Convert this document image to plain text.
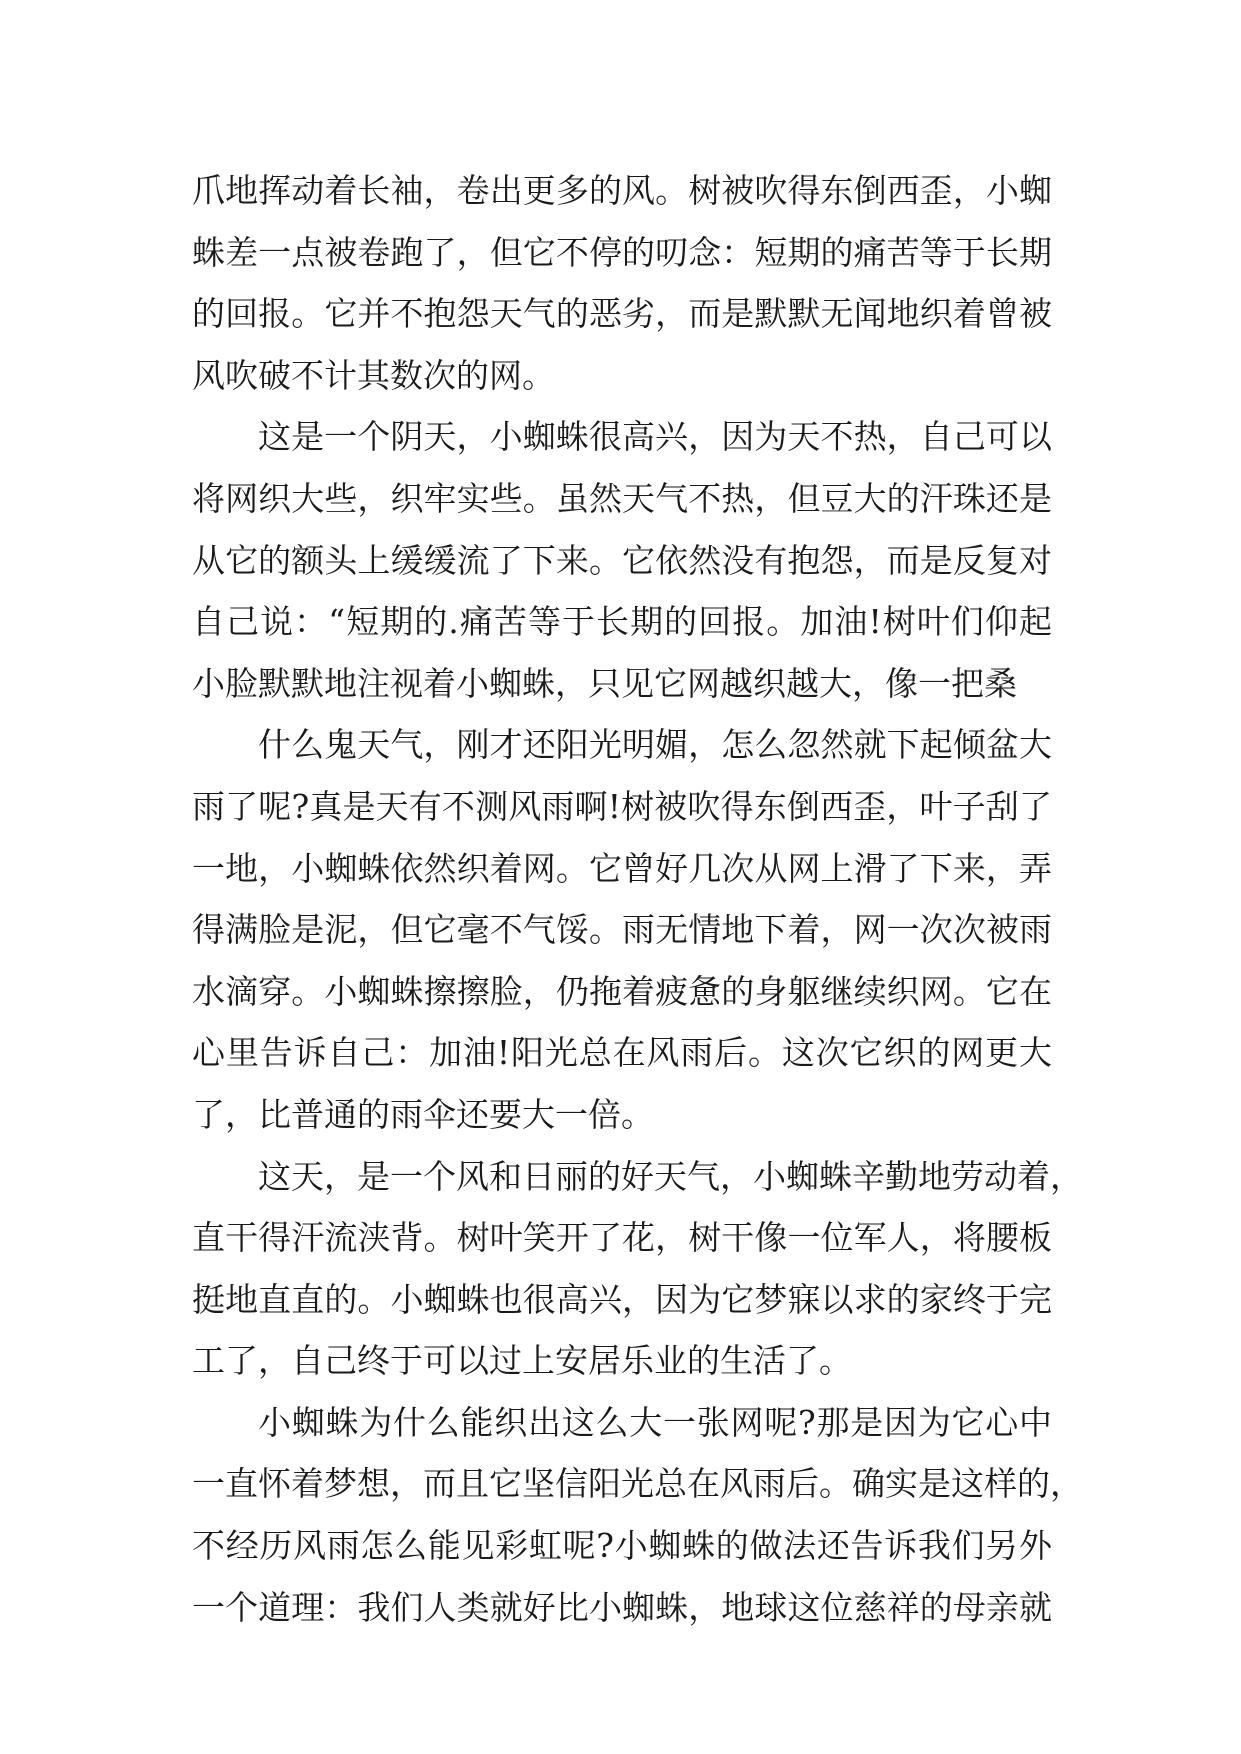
爪地挥动着长袖，卷出更多的风。树被吹得东倒西歪，小蜘
蛛差一点被卷跑了，但它不停的叨念：短期的痛苦等于长期
的回报。它并不抱怨天气的恶劣，而是默默无闻地织着曾被
风吹破不计其数次的网。
这是一个阴天，小蜘蛛很高兴，因为天不热，自己可以
将网织大些，织牢实些。虽然天气不热，但豆大的汗珠还是
从它的额头上缓缓流了下来。它依然没有抱怨，而是反复对
自己说：“短期的.痛苦等于长期的回报。加油!树叶们仰起
小脸默默地注视着小蜘蛛，只见它网越织越大，像一把桑
什么鬼天气，刚才还阳光明媚，怎么忽然就下起倾盆大
雨了呢?真是天有不测风雨啊!树被吹得东倒西歪，叶子刮了
一地，小蜘蛛依然织着网。它曾好几次从网上滑了下来，弄
得满脸是泥，但它毫不气馁。雨无情地下着，网一次次被雨
水滴穿。小蜘蛛擦擦脸，仍拖着疲惫的身躯继续织网。它在
心里告诉自己：加油!阳光总在风雨后。这次它织的网更大
了，比普通的雨伞还要大一倍。
这天，是一个风和日丽的好天气，小蜘蛛辛勤地劳动着，
直干得汗流浃背。树叶笑开了花，树干像一位军人，将腰板
挺地直直的。小蜘蛛也很高兴，因为它梦寐以求的家终于完
工了，自己终于可以过上安居乐业的生活了。
小蜘蛛为什么能织出这么大一张网呢?那是因为它心中
一直怀着梦想，而且它坚信阳光总在风雨后。确实是这样的，
不经历风雨怎么能见彩虹呢?小蜘蛛的做法还告诉我们另外
一个道理：我们人类就好比小蜘蛛，地球这位慈祥的母亲就
